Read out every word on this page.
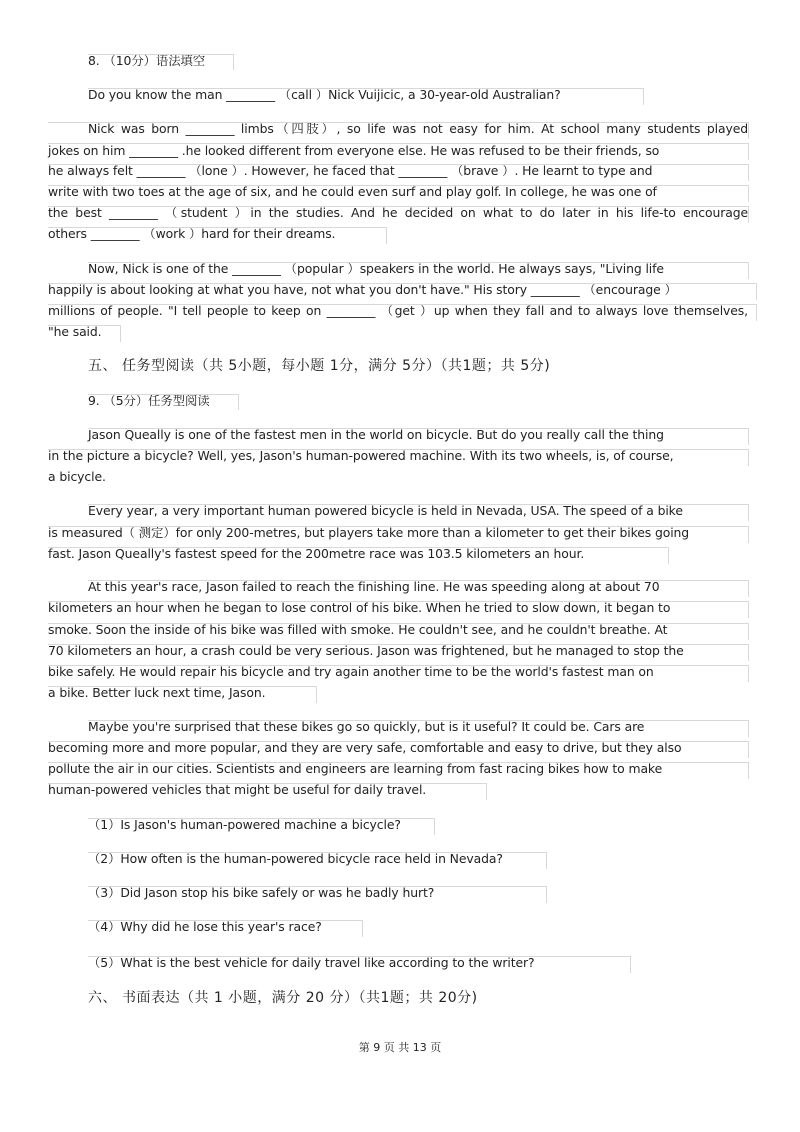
8. （10分）语法填空
Do you know the man ________ （call ）Nick Vuijicic, a 30-year-old Australian?
Nick was born ________ limbs（四肢）, so life was not easy for him. At school many students played
jokes on him ________ .he looked different from everyone else. He was refused to be their friends, so
he always felt ________ （lone ）. However, he faced that ________ （brave ）. He learnt to type and
write with two toes at the age of six, and he could even surf and play golf. In college, he was one of
the best ________ （student ）in the studies. And he decided on what to do later in his life-to encourage
others ________ （work ）hard for their dreams.
Now, Nick is one of the ________ （popular ）speakers in the world. He always says, "Living life
happily is about looking at what you have, not what you don't have." His story ________ （encourage ）
millions of people. "I tell people to keep on ________ （get ）up when they fall and to always love themselves,
"he said.
五、 任务型阅读（共 5小题，每小题 1分，满分 5分）（共1题；共 5分)
9. （5分）任务型阅读
Jason Queally is one of the fastest men in the world on bicycle. But do you really call the thing
in the picture a bicycle? Well, yes, Jason's human-powered machine. With its two wheels, is, of course,
a bicycle.
Every year, a very important human powered bicycle is held in Nevada, USA. The speed of a bike
is measured（ 测定）for only 200-metres, but players take more than a kilometer to get their bikes going
fast. Jason Queally's fastest speed for the 200metre race was 103.5 kilometers an hour.
At this year's race, Jason failed to reach the finishing line. He was speeding along at about 70
kilometers an hour when he began to lose control of his bike. When he tried to slow down, it began to
smoke. Soon the inside of his bike was filled with smoke. He couldn't see, and he couldn't breathe. At
70 kilometers an hour, a crash could be very serious. Jason was frightened, but he managed to stop the
bike safely. He would repair his bicycle and try again another time to be the world's fastest man on
a bike. Better luck next time, Jason.
Maybe you're surprised that these bikes go so quickly, but is it useful? It could be. Cars are
becoming more and more popular, and they are very safe, comfortable and easy to drive, but they also
pollute the air in our cities. Scientists and engineers are learning from fast racing bikes how to make
human-powered vehicles that might be useful for daily travel.
（1）Is Jason's human-powered machine a bicycle?
（2）How often is the human-powered bicycle race held in Nevada?
（3）Did Jason stop his bike safely or was he badly hurt?
（4）Why did he lose this year's race?
（5）What is the best vehicle for daily travel like according to the writer?
六、 书面表达（共 1 小题，满分 20 分）（共1题；共 20分)
第 9 页 共 13 页
